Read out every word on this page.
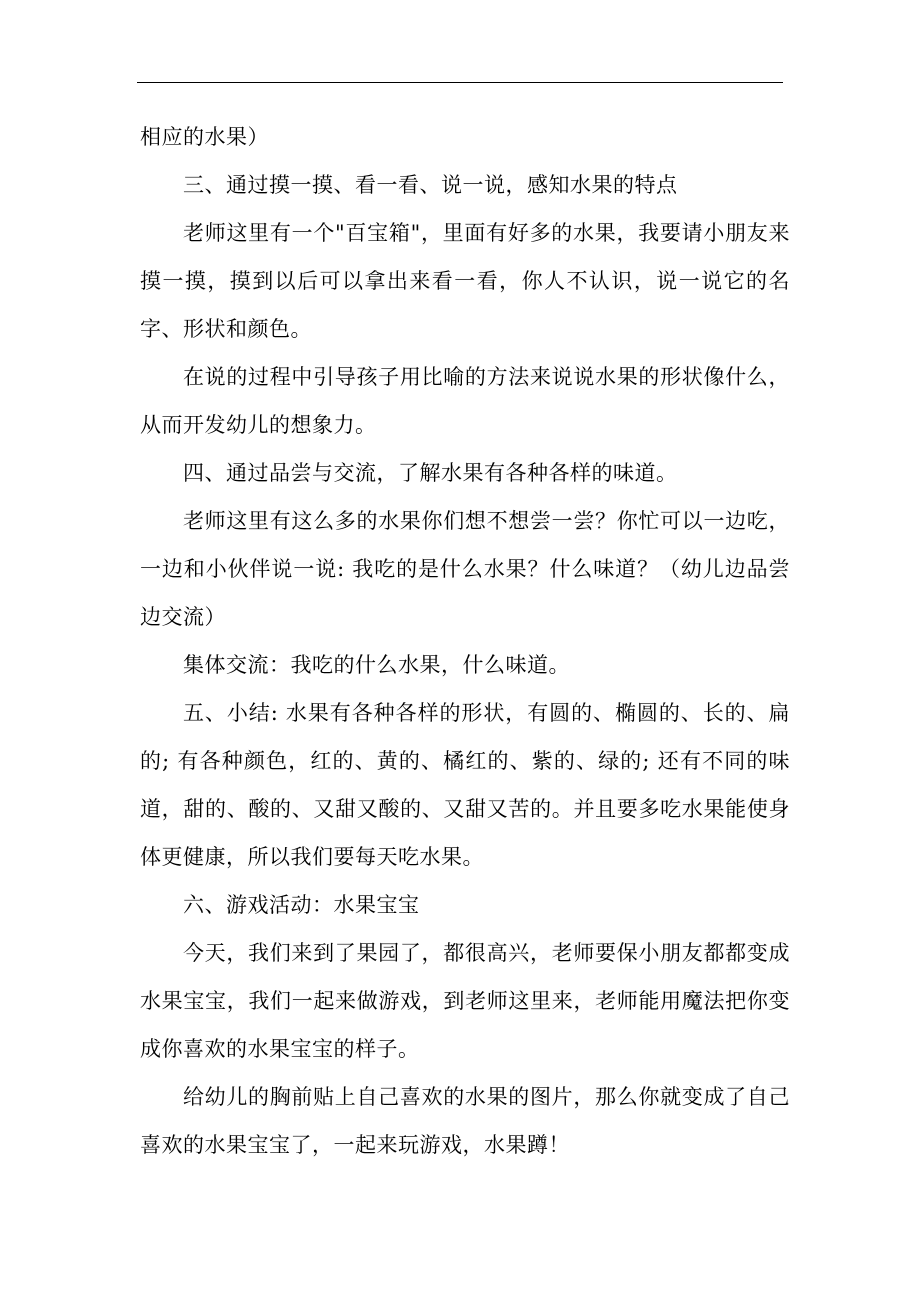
相应的水果）

三、通过摸一摸、看一看、说一说，感知水果的特点

老师这里有一个"百宝箱"，里面有好多的水果，我要请小朋友来摸一摸，摸到以后可以拿出来看一看，你人不认识，说一说它的名字、形状和颜色。

在说的过程中引导孩子用比喻的方法来说说水果的形状像什么，从而开发幼儿的想象力。

四、通过品尝与交流，了解水果有各种各样的味道。

老师这里有这么多的水果你们想不想尝一尝？你忙可以一边吃，一边和小伙伴说一说: 我吃的是什么水果？什么味道？（幼儿边品尝边交流）

集体交流：我吃的什么水果，什么味道。

五、小结: 水果有各种各样的形状，有圆的、椭圆的、长的、扁的; 有各种颜色，红的、黄的、橘红的、紫的、绿的; 还有不同的味道，甜的、酸的、又甜又酸的、又甜又苦的。并且要多吃水果能使身体更健康，所以我们要每天吃水果。

六、游戏活动：水果宝宝

今天，我们来到了果园了，都很高兴，老师要保小朋友都都变成水果宝宝，我们一起来做游戏，到老师这里来，老师能用魔法把你变成你喜欢的水果宝宝的样子。

给幼儿的胸前贴上自己喜欢的水果的图片，那么你就变成了自己喜欢的水果宝宝了，一起来玩游戏，水果蹲！
